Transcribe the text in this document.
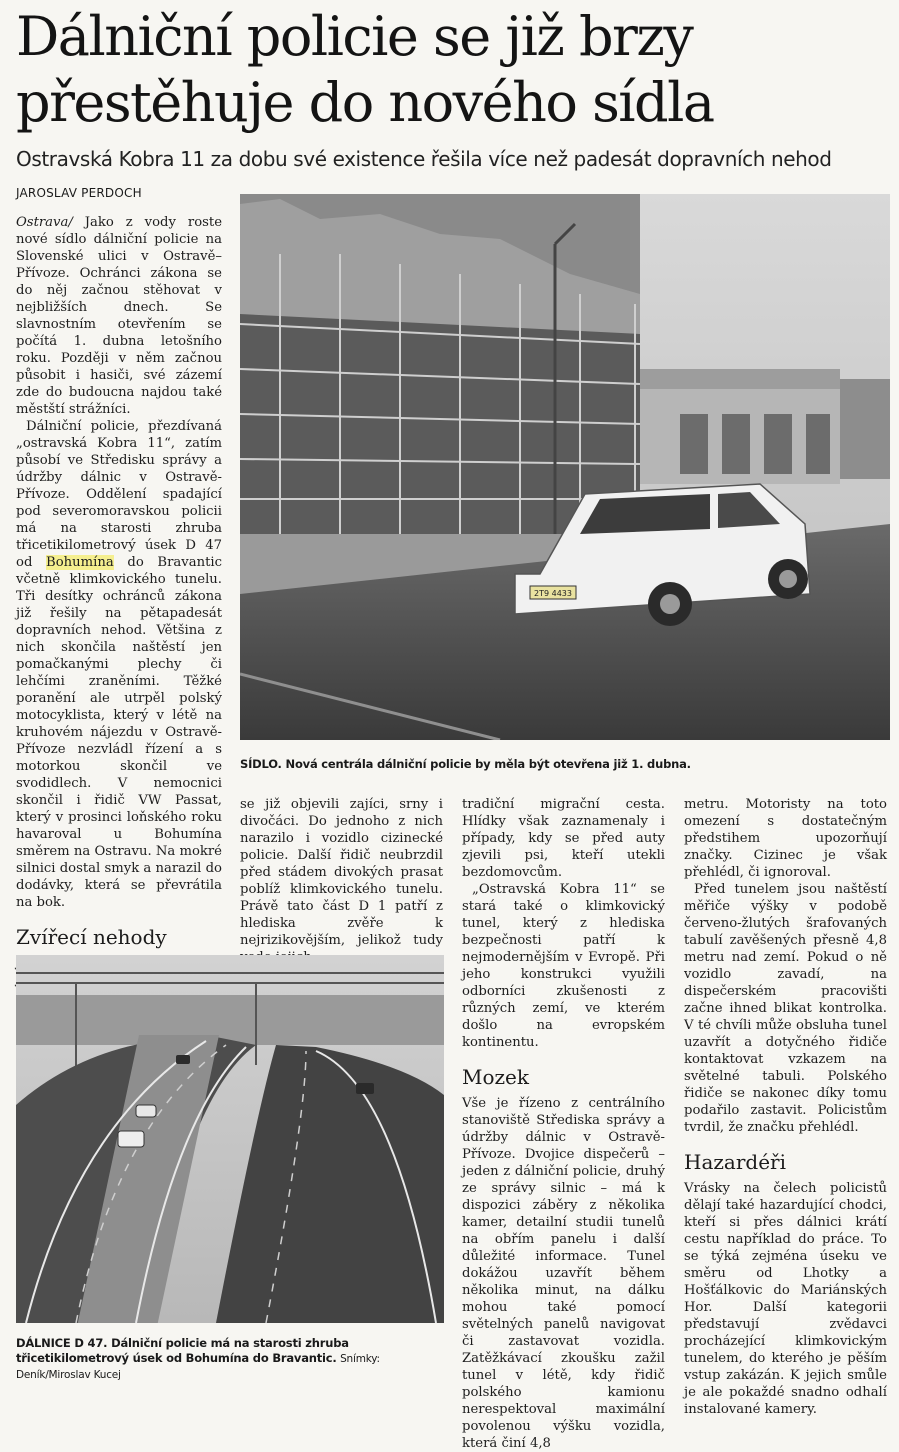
Dálniční policie se již brzy
přestěhuje do nového sídla
Ostravská Kobra 11 za dobu své existence řešila více než padesát dopravních nehod
JAROSLAV PERDOCH

Ostrava/ Jako z vody roste nové sídlo dálniční policie na Slovenské ulici v Ostravě–Přívoze. Ochránci zákona se do něj začnou stěhovat v nejbližších dnech. Se slavnostním otevřením se počítá 1. dubna letošního roku. Později v něm začnou působit i hasiči, své zázemí zde do budoucna najdou také městští strážníci.

Dálniční policie, přezdívaná „ostravská Kobra 11“, zatím působí ve Středisku správy a údržby dálnic v Ostravě-Přívoze. Oddělení spadající pod severomoravskou policii má na starosti zhruba třicetikilometrový úsek D 47 od Bohumína do Bravantic včetně klimkovického tunelu. Tři desítky ochránců zákona již řešily na pětapadesát dopravních nehod. Většina z nich skončila naštěstí jen pomačkanými plechy či lehčími zraněními. Těžké poranění ale utrpěl polský motocyklista, který v létě na kruhovém nájezdu v Ostravě-Přívoze nezvládl řízení a s motorkou skončil ve svodidlech. V nemocnici skončil i řidič VW Passat, který v prosinci loňského roku havaroval u Bohumína směrem na Ostravu. Na mokré silnici dostal smyk a narazil do dodávky, která se převrátila na bok.

Zvířecí nehody

2T9 4433
SÍDLO. Nová centrála dálniční policie by měla být otevřena již 1. dubna.

se již objevili zajíci, srny i divočáci. Do jednoho z nich narazilo i vozidlo cizinecké policie. Další řidič neubrzdil před stádem divokých prasat poblíž klimkovického tunelu. Právě tato část D 1 patří z hlediska zvěře k nejrizikovějším, jelikož tudy

tradiční migrační cesta. Hlídky však zaznamenaly i případy, kdy se před auty zjevili psi, kteří utekli bezdomovcům.

„Ostravská Kobra 11“ se stará také o klimkovický tunel, který z hlediska bezpečnosti patří k nejmodernějším v Evropě. Při jeho konstrukci využili odborníci zkušenosti z různých zemí, ve kterém došlo na evropském kontinentu.

Mozek

Vše je řízeno z centrálního stanoviště Střediska správy a údržby dálnic v Ostravě-Přívoze. Dvojice dispečerů – jeden z dálniční policie, druhý ze správy silnic – má k dispozici záběry z několika kamer, detailní studii tunelů na obřím panelu i další důležité informace. Tunel dokážou uzavřít během několika minut, na dálku mohou také pomocí světelných panelů navigovat či zastavovat vozidla. Zatěžkávací zkoušku zažil tunel v létě, kdy řidič polského kamionu nerespektoval maximální povolenou výšku vozidla, která činí 4,8

metru. Motoristy na toto omezení s dostatečným předstihem upozorňují značky. Cizinec je však přehlédl, či ignoroval.

Před tunelem jsou naštěstí měřiče výšky v podobě červeno-žlutých šrafovaných tabulí zavěšených přesně 4,8 metru nad zemí. Pokud o ně vozidlo zavadí, na dispečerském pracovišti začne ihned blikat kontrolka. V té chvíli může obsluha tunel uzavřít a dotyčného řidiče kontaktovat vzkazem na světelné tabuli. Polského řidiče se nakonec díky tomu podařilo zastavit. Policistům tvrdil, že značku přehlédl.

Hazardéři

Vrásky na čelech policistů dělají také hazardující chodci, kteří si přes dálnici krátí cestu například do práce. To se týká zejména úseku ve směru od Lhotky a Hošťálkovic do Mariánských Hor. Další kategorii představují zvědavci procházející klimkovickým tunelem, do kterého je pěším vstup zakázán. K jejich smůle je ale pokaždé snadno odhalí instalované kamery.

DÁLNICE D 47. Dálniční policie má na starosti zhruba třicetikilometrový úsek od Bohumína do Bravantic. Snímky: Deník/Miroslav Kucej
